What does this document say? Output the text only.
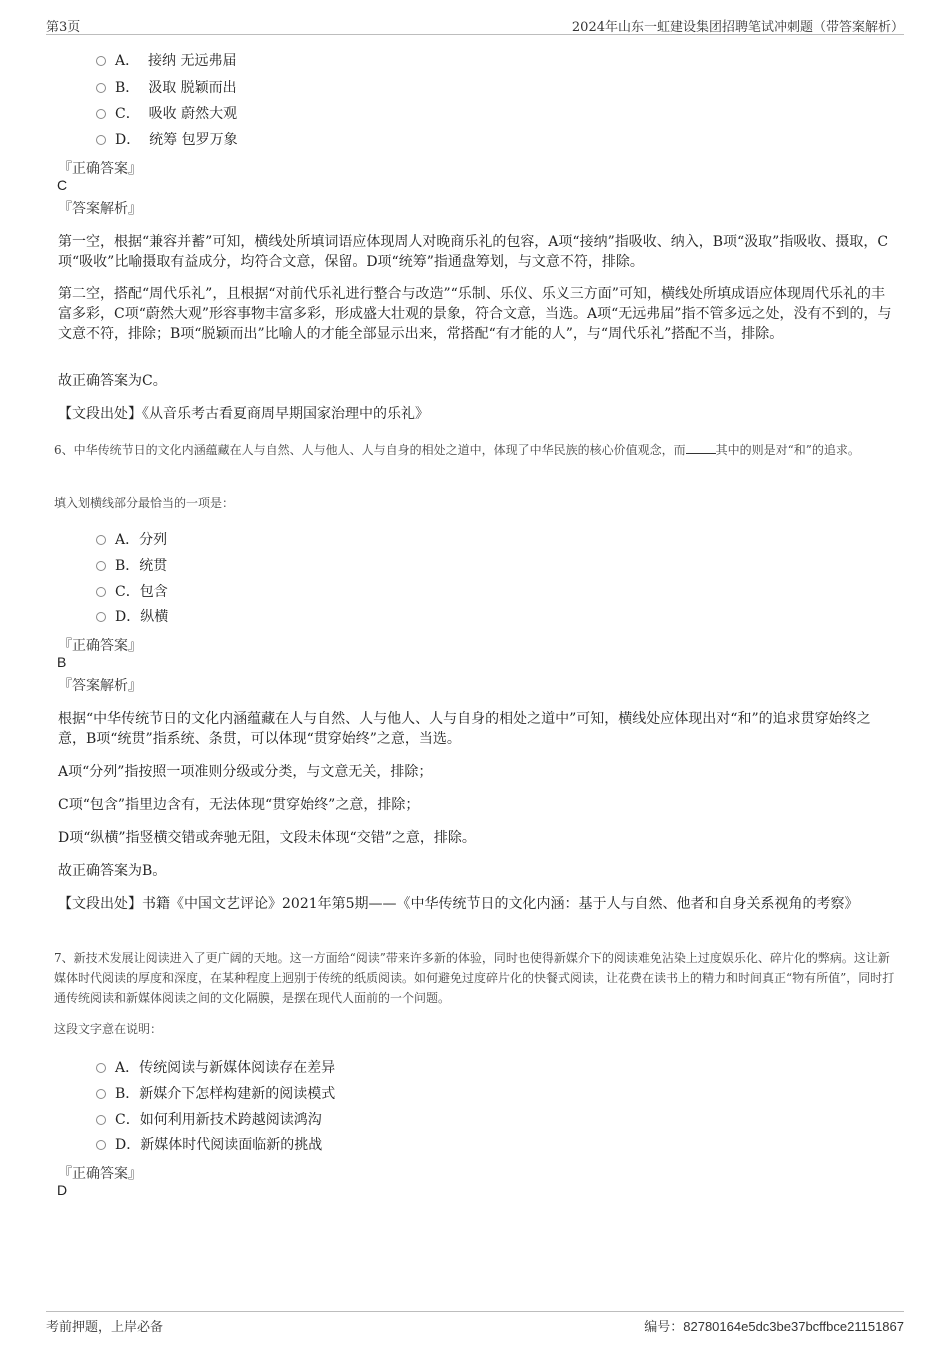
第3页	2024年山东一虹建设集团招聘笔试冲刺题（带答案解析）
A． 接纳 无远弗届
B． 汲取 脱颖而出
C． 吸收 蔚然大观
D． 统筹 包罗万象
『正确答案』
C
『答案解析』
第一空，根据“兼容并蓄”可知，横线处所填词语应体现周人对晚商乐礼的包容，A项“接纳”指吸收、纳入，B项“汲取”指吸收、摄取，C项“吸收”比喻摄取有益成分，均符合文意，保留。D项“统筹”指通盘筹划，与文意不符，排除。
第二空，搭配“周代乐礼”，且根据“对前代乐礼进行整合与改造”“乐制、乐仪、乐义三方面”可知，横线处所填成语应体现周代乐礼的丰富多彩，C项“蔚然大观”形容事物丰富多彩，形成盛大壮观的景象，符合文意，当选。A项“无远弗届”指不管多远之处，没有不到的，与文意不符，排除；B项“脱颖而出”比喻人的才能全部显示出来，常搭配“有才能的人”，与“周代乐礼”搭配不当，排除。
故正确答案为C。
【文段出处】《从音乐考古看夏商周早期国家治理中的乐礼》
6、中华传统节日的文化内涵蕴藏在人与自然、人与他人、人与自身的相处之道中，体现了中华民族的核心价值观念，而	其中的则是对“和”的追求。
填入划横线部分最恰当的一项是：
A．分列
B．统贯
C．包含
D．纵横
『正确答案』
B
『答案解析』
根据“中华传统节日的文化内涵蕴藏在人与自然、人与他人、人与自身的相处之道中”可知，横线处应体现出对“和”的追求贯穿始终之意，B项“统贯”指系统、条贯，可以体现“贯穿始终”之意，当选。
A项“分列”指按照一项准则分级或分类，与文意无关，排除；
C项“包含”指里边含有，无法体现“贯穿始终”之意，排除；
D项“纵横”指竖横交错或奔驰无阻，文段未体现“交错”之意，排除。
故正确答案为B。
【文段出处】书籍《中国文艺评论》2021年第5期——《中华传统节日的文化内涵：基于人与自然、他者和自身关系视角的考察》
7、新技术发展让阅读进入了更广阔的天地。这一方面给“阅读”带来许多新的体验，同时也使得新媒介下的阅读难免沾染上过度娱乐化、碎片化的弊病。这让新媒体时代阅读的厚度和深度，在某种程度上迥别于传统的纸质阅读。如何避免过度碎片化的快餐式阅读，让花费在读书上的精力和时间真正“物有所值”，同时打通传统阅读和新媒体阅读之间的文化隔膜，是摆在现代人面前的一个问题。
这段文字意在说明：
A．传统阅读与新媒体阅读存在差异
B．新媒介下怎样构建新的阅读模式
C．如何利用新技术跨越阅读鸿沟
D．新媒体时代阅读面临新的挑战
『正确答案』
D
考前押题，上岸必备	编号：82780164e5dc3be37bcffbce21151867
